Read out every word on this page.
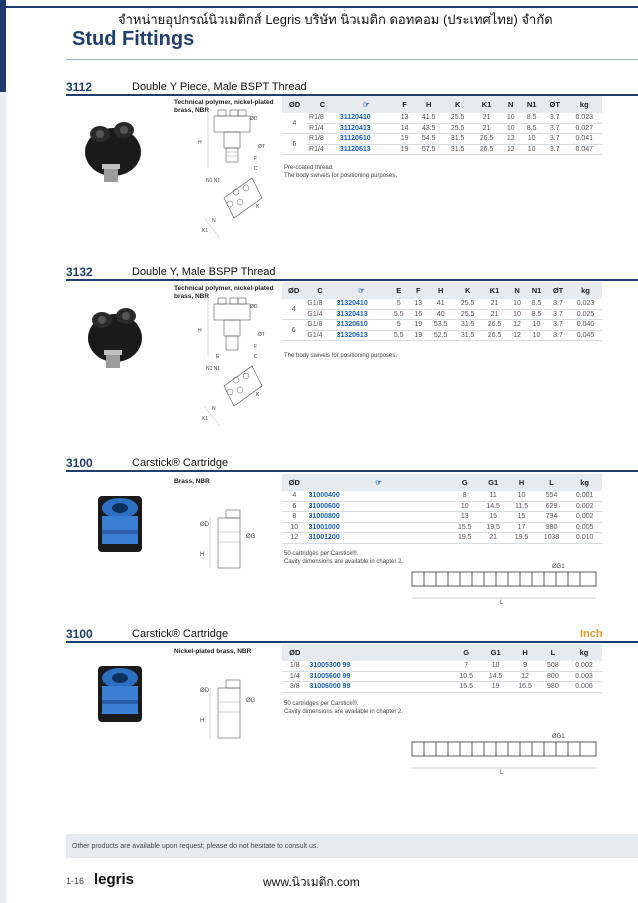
จำหน่ายอุปกรณ์นิวเมติกส์ Legris บริษัท นิวเมติก ดอทคอม (ประเทศไทย) จำกัด
Stud Fittings
3112	Double Y Piece, Male BSPT Thread
Technical polymer, nickel-plated brass, NBR
ØD
ØT
H
F
C
N1 N1
K
K1
N
ØD	C	☞	F	H	K	K1	N	N1	ØT	kg
4	R1/8	31120410	13	41.5	25.5	21	10	8.5	3.7	0.023
	R1/4	31120413	14	43.5	25.5	21	10	8.5	3.7	0.027
6	R1/8	31120610	19	54.5	31.5	26.5	12	10	3.7	0.041
	R1/4	31120613	19	57.5	31.5	26.5	12	10	3.7	0.047
Pre-coated thread.
The body swivels for positioning purposes.
3132	Double Y, Male BSPP Thread
Technical polymer, nickel-plated brass, NBR
ØD
ØT
H
F
C
E
N1 N1
K
K1
N
ØD	C	☞	E	F	H	K	K1	N	N1	ØT	kg
4	G1/8	31320410	5	13	41	25.5	21	10	8.5	3.7	0.023
	G1/4	31320413	5.5	16	40	25.5	21	10	8.5	3.7	0.025
6	G1/8	31320610	5	19	53.5	31.5	26.5	12	10	3.7	0.040
	G1/4	31320613	5.5	19	52.5	31.5	26.5	12	10	3.7	0.045
The body swivels for positioning purposes.
3100	Carstick® Cartridge
Brass, NBR
ØD
ØG
H
ØD	☞	G	G1	H	L	kg
4	31000400	8	11	10	554	0.001
6	31000600	10	14.5	11.5	629	0.002
8	31000800	13	15	15	794	0.002
10	31001000	15.5	19.5	17	980	0.005
12	31001200	19.5	21	19.5	1038	0.010
50 cartridges per Carstick®.
Cavity dimensions are available in chapter 2.
ØG1
L
3100	Carstick® Cartridge	Inch
Nickel-plated brass, NBR
ØD
ØG
H
ØD		G	G1	H	L	kg
1/8	31005300 99	7	10	9	508	0.002
1/4	31005600 99	10.5	14.5	12	800	0.003
3/8	31006000 99	15.5	19	16.5	980	0.006
50 cartridges per Carstick®.
Cavity dimensions are available in chapter 2.
ØG1
L
Other products are available upon request; please do not hesitate to consult us.
1-16 legris	www.นิวเมติก.com
